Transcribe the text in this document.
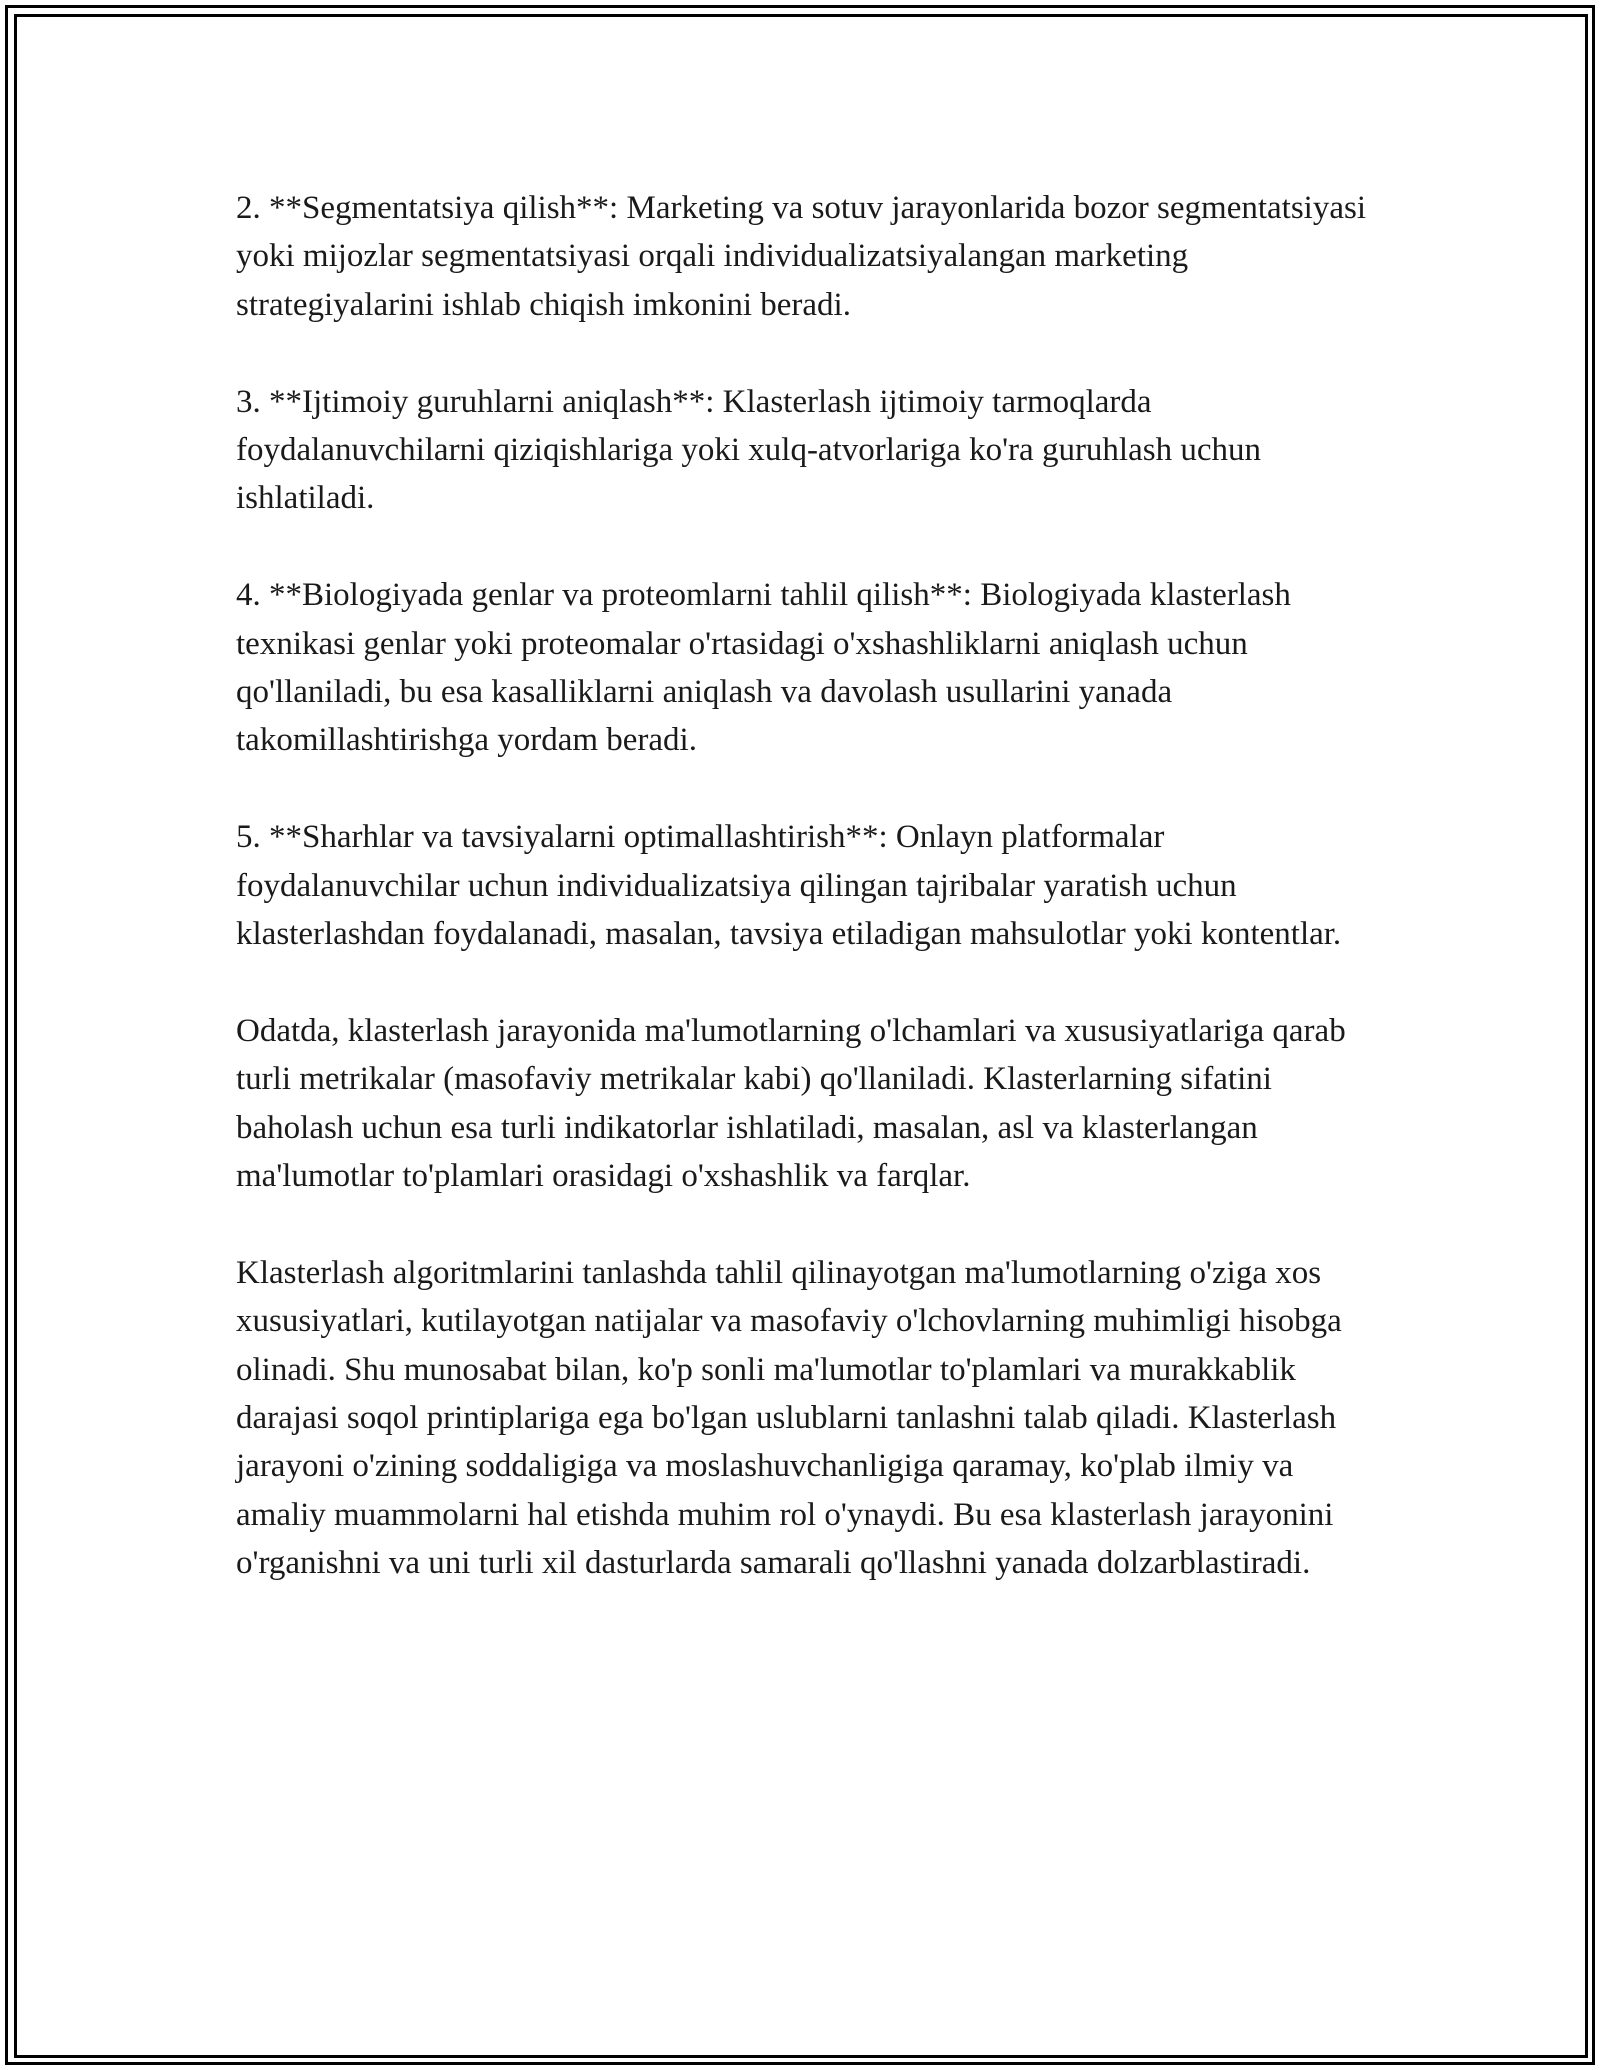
2. **Segmentatsiya qilish**: Marketing va sotuv jarayonlarida bozor segmentatsiyasi yoki mijozlar segmentatsiyasi orqali individualizatsiyalangan marketing strategiyalarini ishlab chiqish imkonini beradi.

3. **Ijtimoiy guruhlarni aniqlash**: Klasterlash ijtimoiy tarmoqlarda foydalanuvchilarni qiziqishlariga yoki xulq-atvorlariga ko'ra guruhlash uchun ishlatiladi.

4. **Biologiyada genlar va proteomlarni tahlil qilish**: Biologiyada klasterlash texnikasi genlar yoki proteomalar o'rtasidagi o'xshashliklarni aniqlash uchun qo'llaniladi, bu esa kasalliklarni aniqlash va davolash usullarini yanada takomillashtirishga yordam beradi.

5. **Sharhlar va tavsiyalarni optimallashtirish**: Onlayn platformalar foydalanuvchilar uchun individualizatsiya qilingan tajribalar yaratish uchun klasterlashdan foydalanadi, masalan, tavsiya etiladigan mahsulotlar yoki kontentlar.

Odatda, klasterlash jarayonida ma'lumotlarning o'lchamlari va xususiyatlariga qarab turli metrikalar (masofaviy metrikalar kabi) qo'llaniladi. Klasterlarning sifatini baholash uchun esa turli indikatorlar ishlatiladi, masalan, asl va klasterlangan ma'lumotlar to'plamlari orasidagi o'xshashlik va farqlar.

Klasterlash algoritmlarini tanlashda tahlil qilinayotgan ma'lumotlarning o'ziga xos xususiyatlari, kutilayotgan natijalar va masofaviy o'lchovlarning muhimligi hisobga olinadi. Shu munosabat bilan, ko'p sonli ma'lumotlar to'plamlari va murakkablik darajasi soqol printiplariga ega bo'lgan uslublarni tanlashni talab qiladi. Klasterlash jarayoni o'zining soddaligiga va moslashuvchanligiga qaramay, ko'plab ilmiy va amaliy muammolarni hal etishda muhim rol o'ynaydi. Bu esa klasterlash jarayonini o'rganishni va uni turli xil dasturlarda samarali qo'llashni yanada dolzarblastiradi.
